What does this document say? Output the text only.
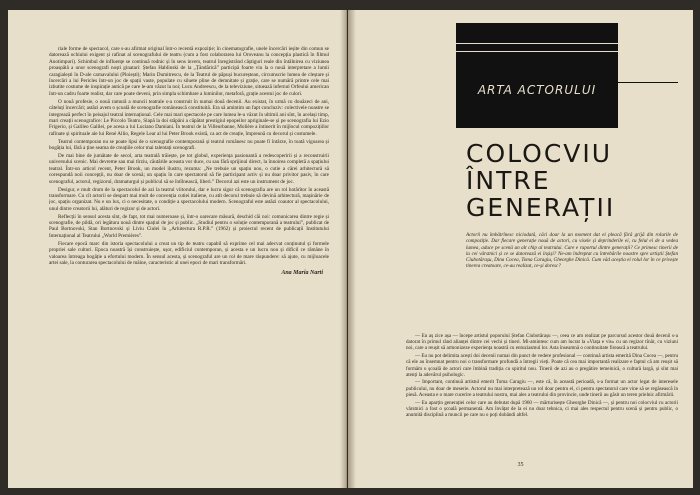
riale forme de spectacol, care s-au afirmat original într-o recentă expoziție; în cinematografie, unele încercări ieșite din comun se datorează ochiului exigent și rafinat al scenografului de teatru (cum a fost colaborarea lui Oroveanu la concepția plastică în filmul Anotimpuri). Schimbul de influențe se continuă rodnic și în sens invers, teatrul înregistrând câștiguri reale din întâlnirea cu viziunea proaspătă a unor scenografi noști ginatari: Ștefan Hablinski de la „Țăndărică” participă foarte viu la o nouă interpretare a lumii caragialești în D-ale carnavalului (Ploiești); Marin Dumitrescu, de la Teatrul de păpuși bucureștean, circumscrie lumea de cleștare și încercări a lui Pericles într-un joc de spații vaste, populate cu siluete pline de demnitate și grație, care se numără printre cele mai izbutite costume de inspirație antică pe care le-am văzut la noi; Lucu Andreescu, de la televiziune, situează infernul Orfeului american într-un cadru foarte realist, dar care poate deveni, prin simpla schimbare a luminilor, metaforă, grație acestui joc de culori.

O nouă profesie, o nouă ramură a muncii teatrale s-a construit în numai două decenii. Au existat, în urmă cu douăzeci de ani, câteluți încercări; astăzi avem o școală de scenografie românească constituită. Era să amintim un fapt concluziv: colectivele noastre se integrează perfect în peisajul teatral internațional. Cele mai mari spectacole pe care lumea le-a văzut în ultimii ani sînt, în același timp, mari creații scenografice: Le Piccolo Teatro, Slapă la doi stăpâni a căpătat prestigiul epopeilor apriginale-se și pe scenografia lui Ezio Frigerio, și Galileo Galilei, pe acesa a lui Luciano Damiani. În teatrul de la Villeurbanne, Molière a întinerit în mijlocul compozițiilor rafinate și spirituale ale lui René Allio, Regele Lear al lui Peter Brook există, ca act de creație, împreună cu decorul și costumele.

Teatrul contemporan nu se poate lipsi de o scenografie contemporană și teatrul românesc nu poate fi întârze, în toată vigoarea și bogăția lui, fără a ține seama de creațiile celor mai talentați scenografi.

De mai bine de jumătate de secol, arta teatrală trăiește, pe tot globul, experiența pasionantă a redescoperirii și a reconstruirii universului scenic. Mai devreme sau mai tîrziu, căutările aceasta vor duce, cu sau fără sprijinul direct, la înnoirea completă a spațiului teatral. Într-un articol recent, Peter Brook, un model ilustru, rezuma: „Ne trebuie un spațiu nou, o cutie a cărei arhitectură să corespundă noii concepții, nu doar de scenă; un spațiu în care spectatorul să fie participant activ și nu doar privitor pasiv, în care scenograful, actorul, regizorul, dramaturgul și publicul să se întîlnească, liberi.” Decorul azi este un instrument de joc.

Desigur, e mult drum de la spectacolul de azi la teatrul viitorului, dar e lucru sigur că scenografia are un rol hotărîtor în această transformare. Cu cît actorii se despart mai mult de convenția cutiei italiene, cu atît decorul trebuie să devină arhitectură, mașinărie de joc, spațiu organizat. Nu e un lux, ci o necesitate, o condiție a spectacolului modern. Scenograful este astăzi coautor al spectacolului, unul dintre creatorii lui, alături de regizor și de actori.

Reflecții în sensul acesta sînt, de fapt, tot mai numeroase și, într-o oarecare măsură, deschid căi noi: comunicarea dintre regie și scenografie, de pildă, ori legătura nouă dintre spațiul de joc și public. „Studiul pentru o soluție contemporană a teatrului”, publicat de Paul Bortnovski, Stan Bortnovski și Liviu Ciulei în „Arhitectura R.P.R.” (1962) și proiectul recent de publicații Institutului Internațional al Teatrului „World Premières”.

Fiecare epocă marc din istoria spectacolului a creat un tip de teatru capabil să exprime cel mai adecvat conținutul și formele propriei sale culturi. Epoca noastră își construiește, ușor, edificiul contemporan, și acesta e un lucru nou și dificil ce rămâne în valoarea întreaga bogăție a efortului modern. În sensul acesta, și scenograful are un rol de mare răspundere: să ajute, cu mijloacele artei sale, la conturarea spectacolului de mâine, caracteristic al unei epoci de mari transformări.

Ana Maria Narti
ARTA ACTORULUI
COLOCVIU
ÎNTRE
GENERAȚII
Actorii nu îmbătrînesc niciodată, căci doar la un moment dat ei pleacă fără grijă din rolurile de compoziție. Dar fiecare generație nouă de actori, cu visele și deprinderile ei, cu felul ei de a vedea lumea, aduce pe scenă un alt chip al teatrului. Care e raportul dintre generații? Ce primesc tinerii de la cei vârstnici și ce se datorează ei înșiși? Ne-am îndreptat cu întrebările noastre spre artiștii Ștefan Ciubotărașu, Dina Cocea, Toma Caragiu, Gheorghe Dinică. Cum văd aceștia ei rolul lor în ce privește tinerea creatoare, ce-au realizat, ce-și doresc?

— Eu aș zice așa — începe artistul poporului Ștefan Ciubotărașu —, ceea ce am realizat pe parcursul acestor două decenii s-a datorat în primul rând alianței dintre cei vechi și tineri. Mi-amintesc cum am lucrat la «Viața e vis» cu un regizor tînăr, cu viziuni noi, care a reușit să armonizeze experiența noastră cu entuziasmul lor. Asta înseamnă o continuitate firească a teatrului.

— Eu nu pot delimita acești doi decenii numai din punct de vedere profesional — continuă artista emerită Dina Cocea —, pentru că ele au însemnat pentru noi o transformare profundă a întregii vieți. Poate că cea mai importantă realizare e faptul că am reușit să formăm o școală de actori care îmbină tradiția cu spiritul nou. Tinerii de azi au o pregătire temeinică, o cultură largă, și sînt mai atenți la adevărul psihologic.

— Important, continuă artistul emerit Toma Caragiu —, este că, în această perioadă, s-a format un actor legat de interesele publicului, nu doar de meserie. Actorul nu mai interpretează un rol doar pentru el, ci pentru spectatorul care vine să se regăsească în piesă. Aceasta e o mare cucerire a teatrului nostru, mai ales a teatrului din provincie, unde tinerii au găsit un teren prielnic afirmării.

— Eu aparțin generației celor care au debutat după 1960 — mărturisește Gheorghe Dinică —, și pentru noi colocviul cu actorii vârstnici a fost o școală permanentă. Am învățat de la ei nu doar tehnica, ci mai ales respectul pentru scenă și pentru public, o anumită disciplină a muncii pe care nu o poți dobândi altfel.

35
